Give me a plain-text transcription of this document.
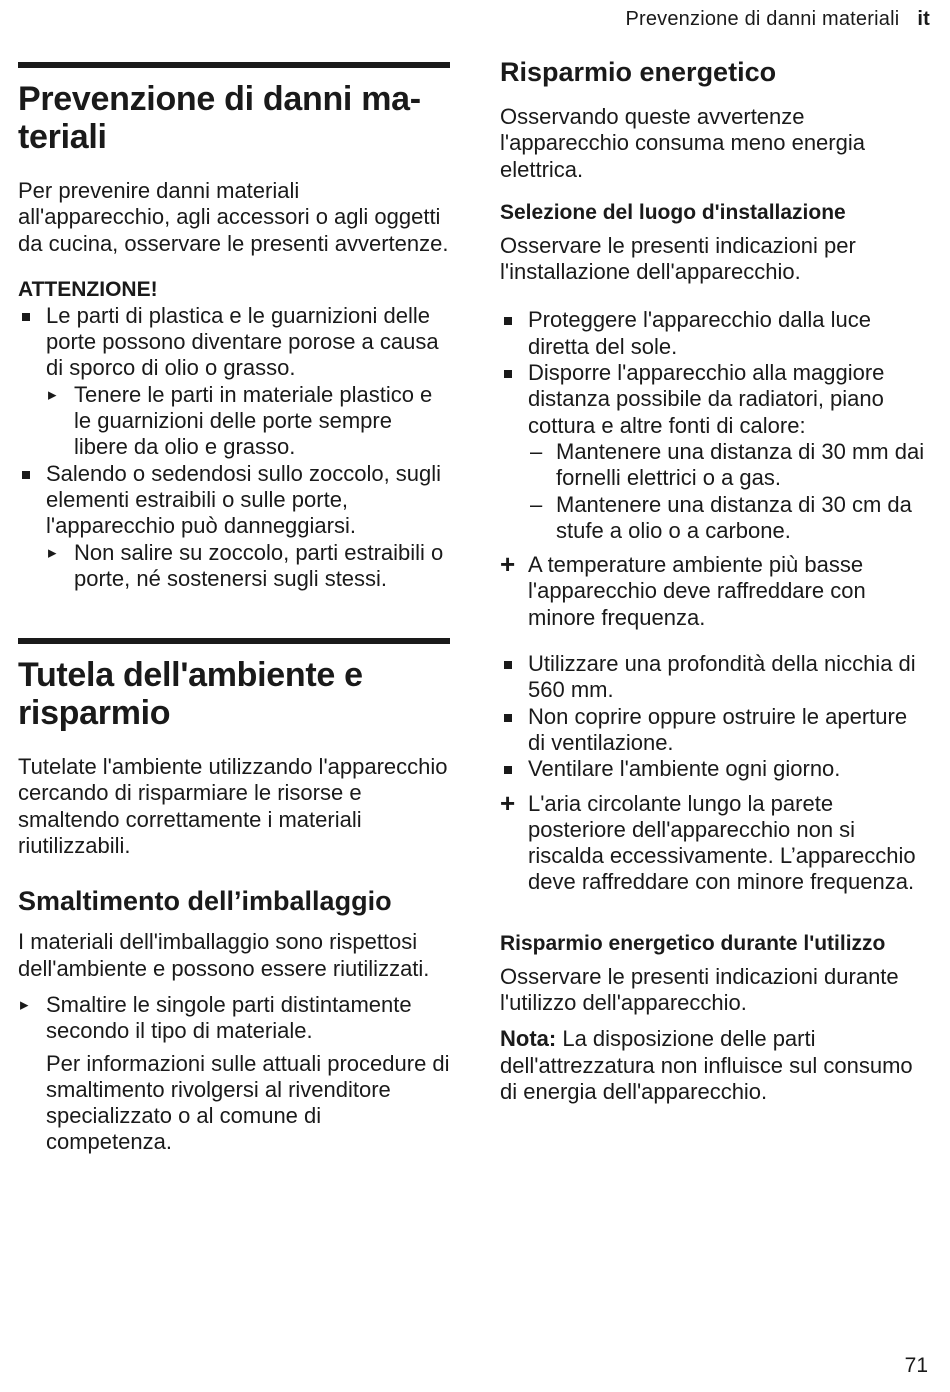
Prevenzione di danni materiali it
Prevenzione di danni ma-teriali

Per prevenire danni materiali all'apparecchio, agli accessori o agli oggetti da cucina, osservare le presenti avvertenze.

ATTENZIONE!
Le parti di plastica e le guarnizioni delle porte possono diventare porose a causa di sporco di olio o grasso.
▸ Tenere le parti in materiale plastico e le guarnizioni delle porte sempre libere da olio e grasso.
Salendo o sedendosi sullo zoccolo, sugli elementi estraibili o sulle porte, l'apparecchio può danneggiarsi.
▸ Non salire su zoccolo, parti estraibili o porte, né sostenersi sugli stessi.
Tutela dell'ambiente e risparmio

Tutelate l'ambiente utilizzando l'apparecchio cercando di risparmiare le risorse e smaltendo correttamente i materiali riutilizzabili.

Smaltimento dell’imballaggio

I materiali dell'imballaggio sono rispettosi dell'ambiente e possono essere riutilizzati.

▸ Smaltire le singole parti distintamente secondo il tipo di materiale.

Per informazioni sulle attuali procedure di smaltimento rivolgersi al rivenditore specializzato o al comune di competenza.

Risparmio energetico

Osservando queste avvertenze l'apparecchio consuma meno energia elettrica.

Selezione del luogo d'installazione

Osservare le presenti indicazioni per l'installazione dell'apparecchio.

Proteggere l'apparecchio dalla luce diretta del sole.
Disporre l'apparecchio alla maggiore distanza possibile da radiatori, piano cottura e altre fonti di calore:
– Mantenere una distanza di 30 mm dai fornelli elettrici o a gas.
– Mantenere una distanza di 30 cm da stufe a olio o a carbone.
+ A temperature ambiente più basse l'apparecchio deve raffreddare con minore frequenza.
Utilizzare una profondità della nicchia di 560 mm.
Non coprire oppure ostruire le aperture di ventilazione.
Ventilare l'ambiente ogni giorno.
+ L'aria circolante lungo la parete posteriore dell'apparecchio non si riscalda eccessivamente. L’apparecchio deve raffreddare con minore frequenza.
Risparmio energetico durante l'utilizzo

Osservare le presenti indicazioni durante l'utilizzo dell'apparecchio.

Nota: La disposizione delle parti dell'attrezzatura non influisce sul consumo di energia dell'apparecchio.

71
